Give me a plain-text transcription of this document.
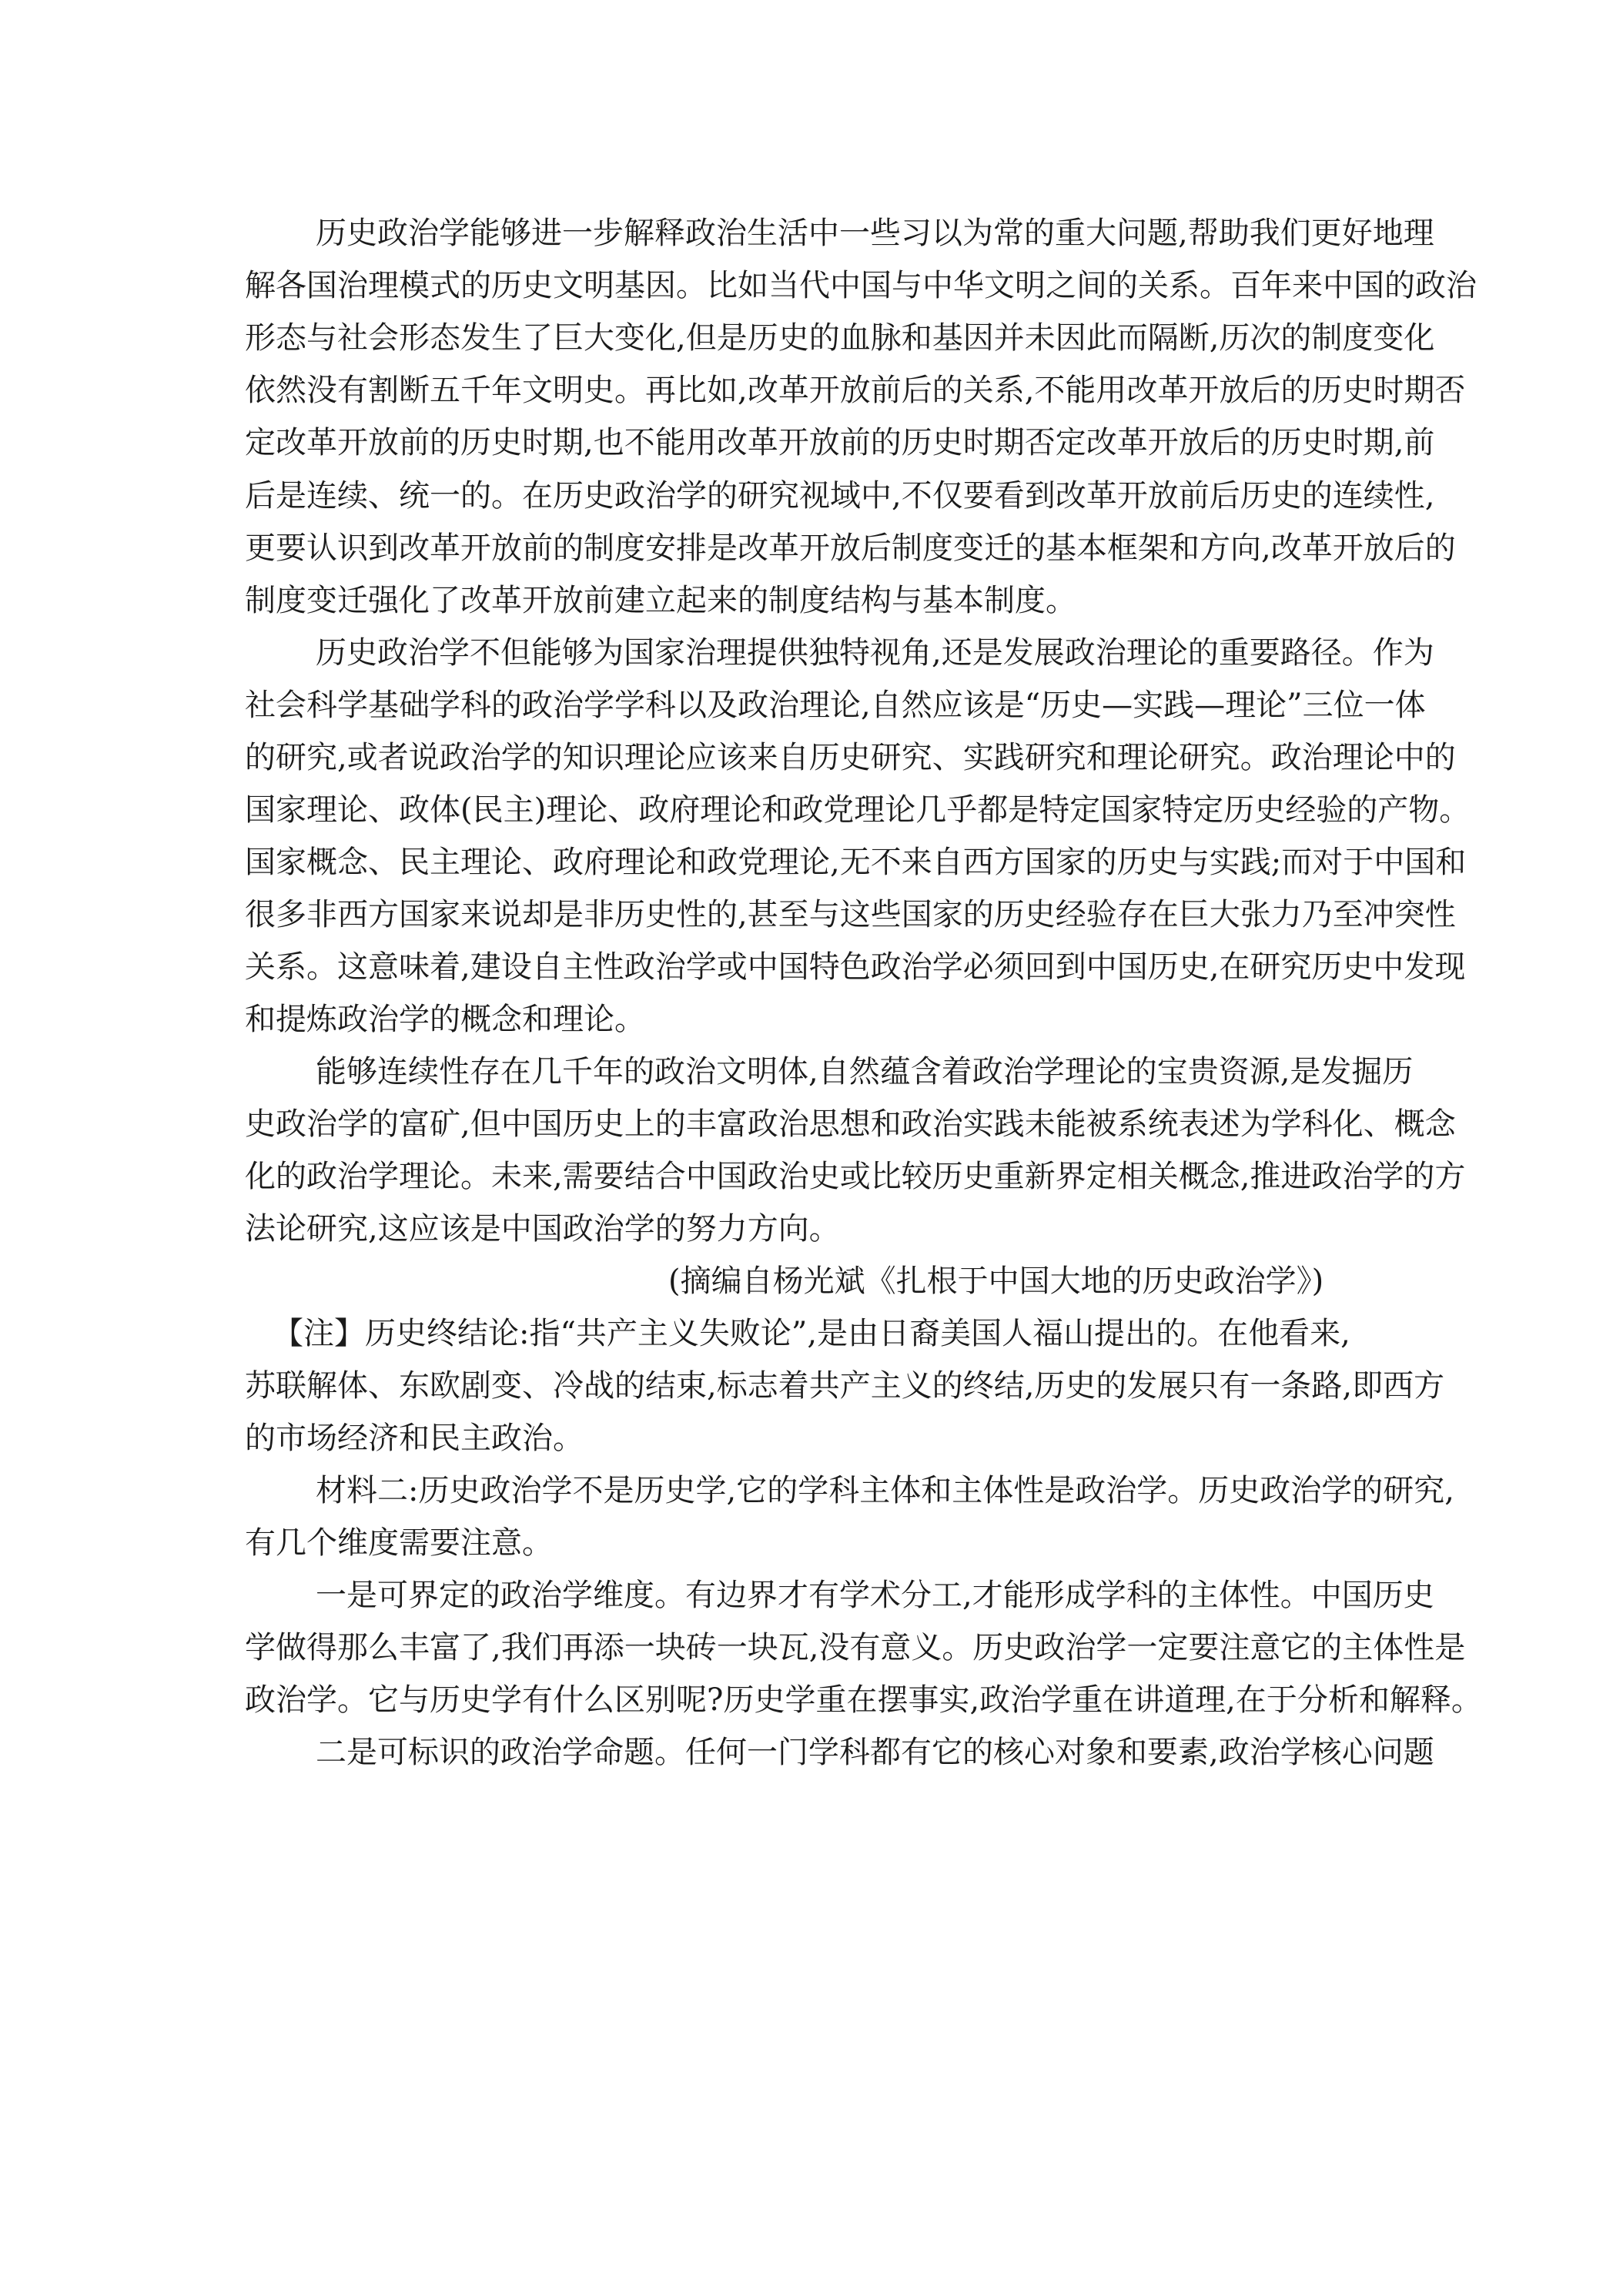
历史政治学能够进一步解释政治生活中一些习以为常的重大问题,帮助我们更好地理
解各国治理模式的历史文明基因。比如当代中国与中华文明之间的关系。百年来中国的政治
形态与社会形态发生了巨大变化,但是历史的血脉和基因并未因此而隔断,历次的制度变化
依然没有割断五千年文明史。再比如,改革开放前后的关系,不能用改革开放后的历史时期否
定改革开放前的历史时期,也不能用改革开放前的历史时期否定改革开放后的历史时期,前
后是连续、统一的。在历史政治学的研究视域中,不仅要看到改革开放前后历史的连续性,
更要认识到改革开放前的制度安排是改革开放后制度变迁的基本框架和方向,改革开放后的
制度变迁强化了改革开放前建立起来的制度结构与基本制度。
历史政治学不但能够为国家治理提供独特视角,还是发展政治理论的重要路径。作为
社会科学基础学科的政治学学科以及政治理论,自然应该是“历史—实践—理论”三位一体
的研究,或者说政治学的知识理论应该来自历史研究、实践研究和理论研究。政治理论中的
国家理论、政体(民主)理论、政府理论和政党理论几乎都是特定国家特定历史经验的产物。
国家概念、民主理论、政府理论和政党理论,无不来自西方国家的历史与实践;而对于中国和
很多非西方国家来说却是非历史性的,甚至与这些国家的历史经验存在巨大张力乃至冲突性
关系。这意味着,建设自主性政治学或中国特色政治学必须回到中国历史,在研究历史中发现
和提炼政治学的概念和理论。
能够连续性存在几千年的政治文明体,自然蕴含着政治学理论的宝贵资源,是发掘历
史政治学的富矿,但中国历史上的丰富政治思想和政治实践未能被系统表述为学科化、概念
化的政治学理论。未来,需要结合中国政治史或比较历史重新界定相关概念,推进政治学的方
法论研究,这应该是中国政治学的努力方向。
(摘编自杨光斌《扎根于中国大地的历史政治学》)
【注】历史终结论:指“共产主义失败论”,是由日裔美国人福山提出的。在他看来,
苏联解体、东欧剧变、冷战的结束,标志着共产主义的终结,历史的发展只有一条路,即西方
的市场经济和民主政治。
材料二:历史政治学不是历史学,它的学科主体和主体性是政治学。历史政治学的研究,
有几个维度需要注意。
一是可界定的政治学维度。有边界才有学术分工,才能形成学科的主体性。中国历史
学做得那么丰富了,我们再添一块砖一块瓦,没有意义。历史政治学一定要注意它的主体性是
政治学。它与历史学有什么区别呢?历史学重在摆事实,政治学重在讲道理,在于分析和解释。
二是可标识的政治学命题。任何一门学科都有它的核心对象和要素,政治学核心问题
